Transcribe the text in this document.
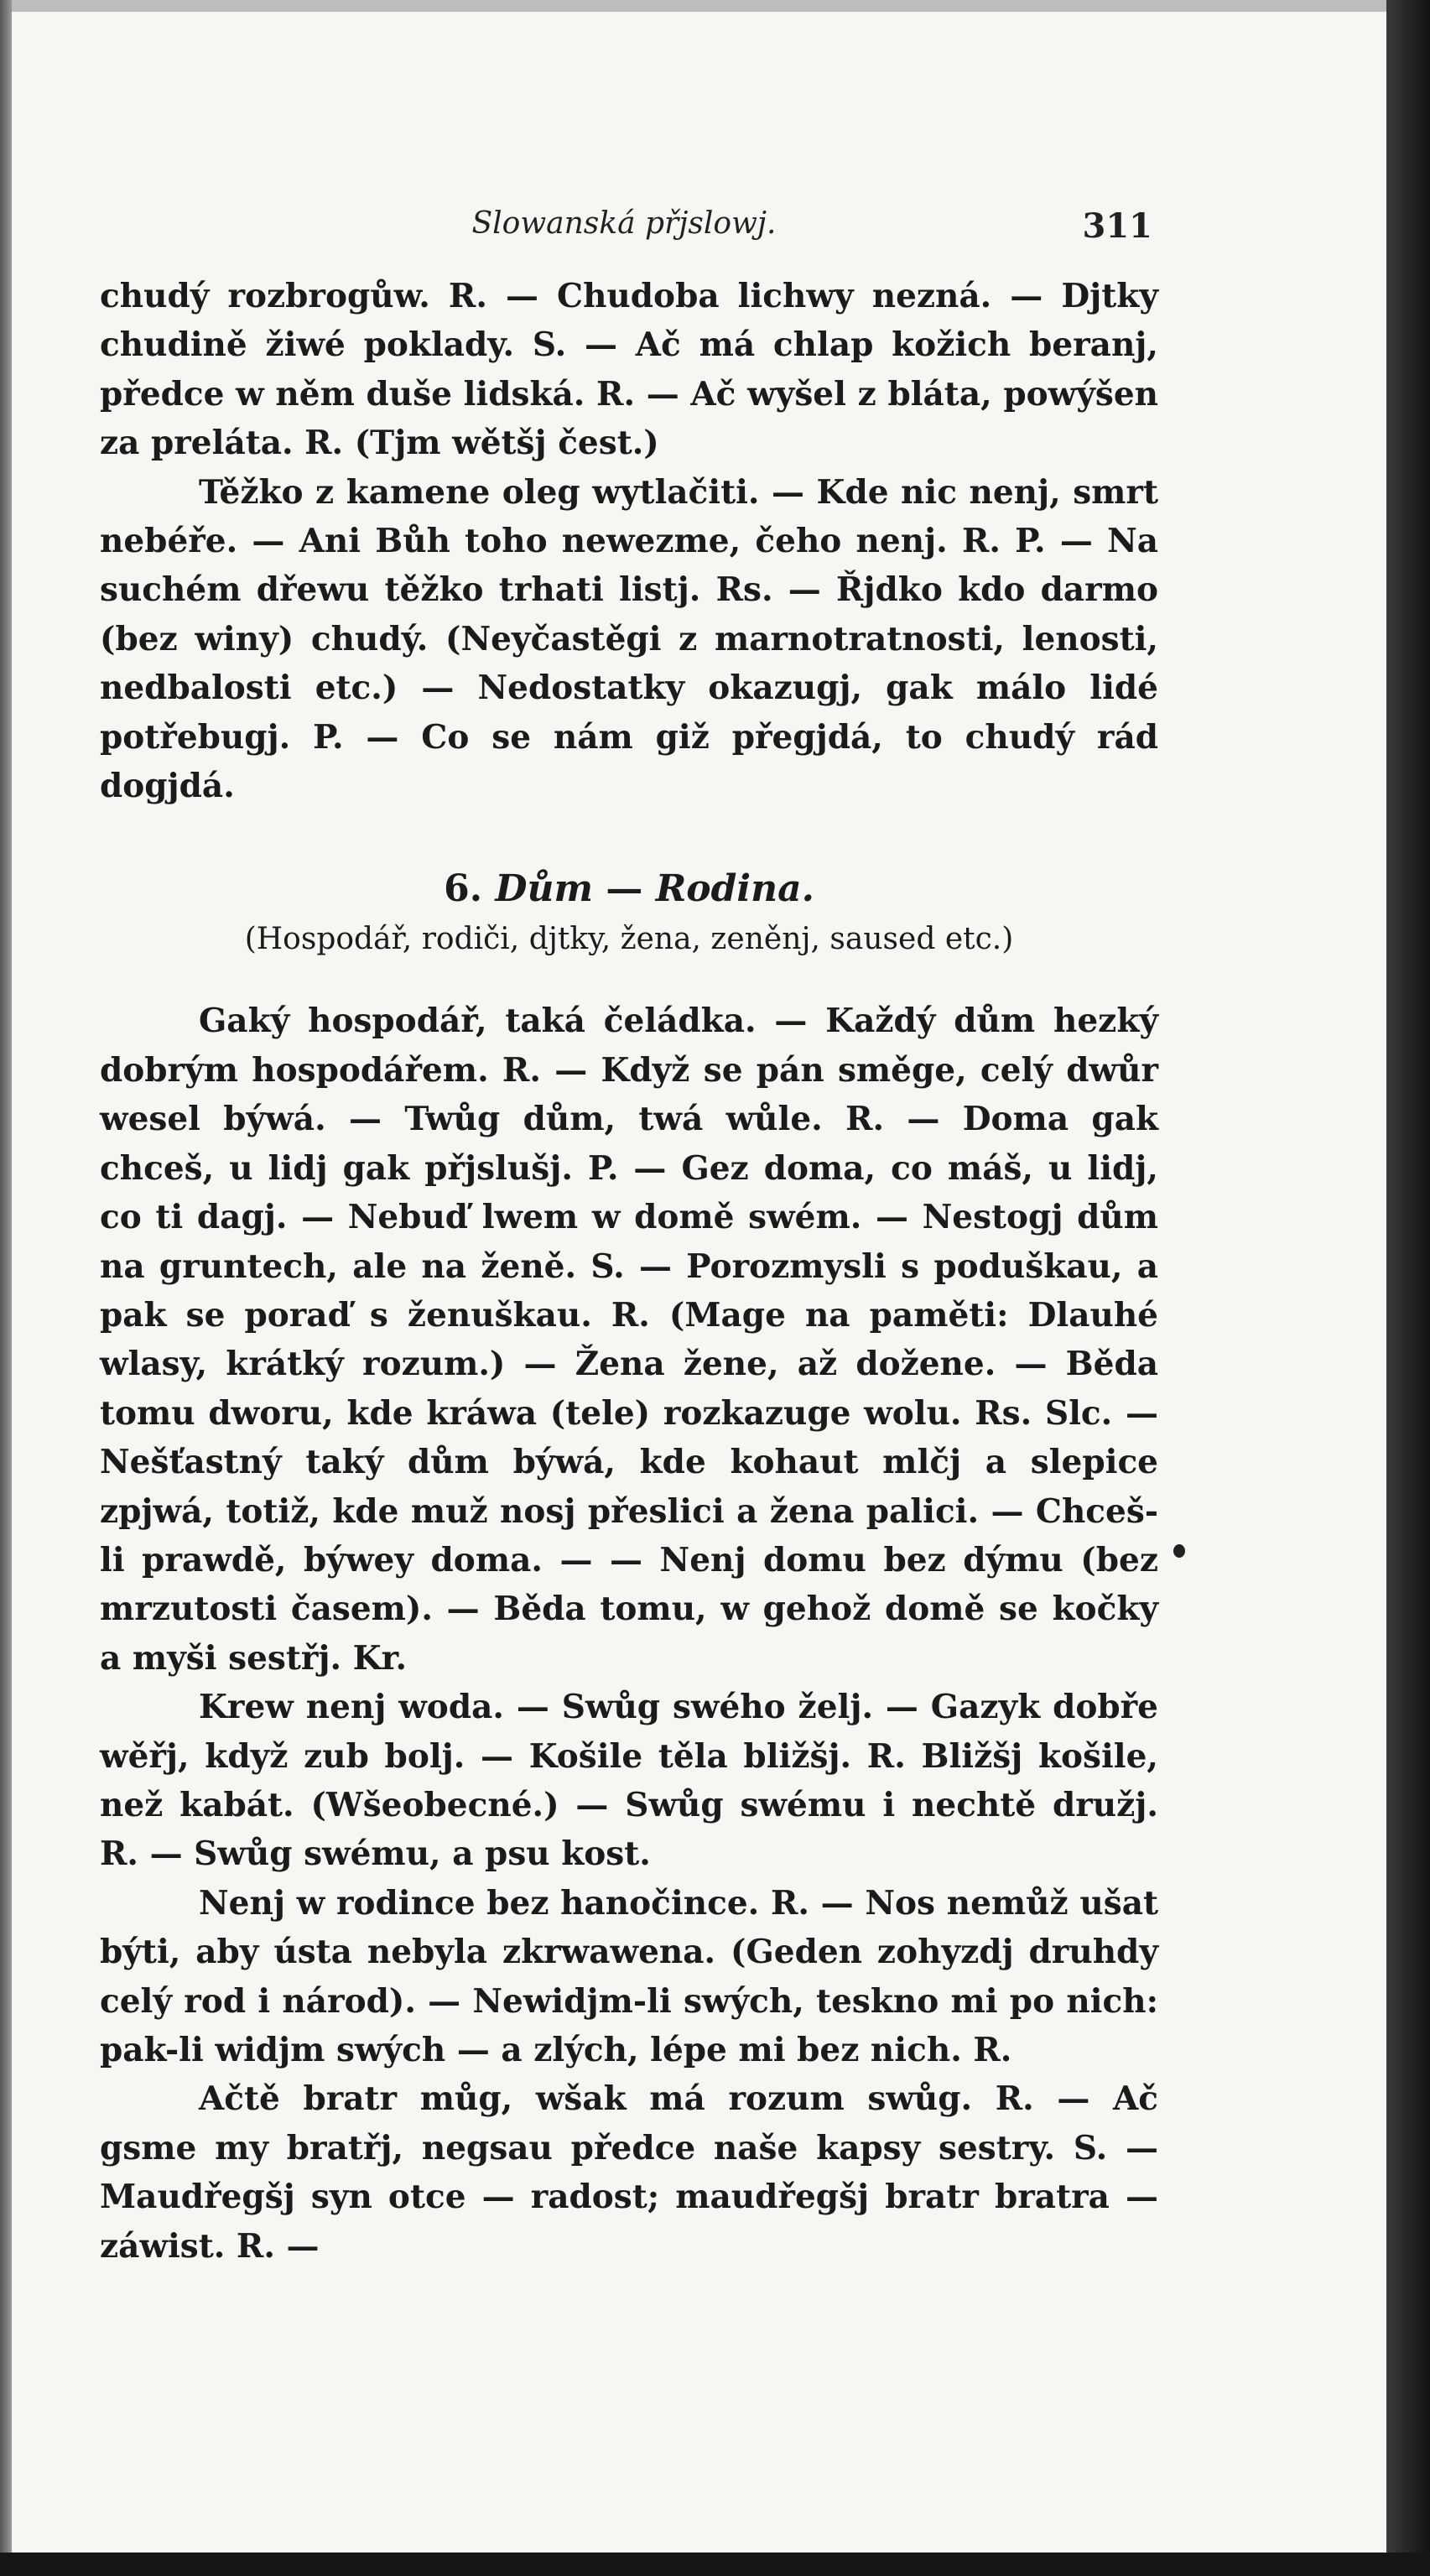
Slowanská přjslowj.	311

chudý rozbrogůw. R. — Chudoba lichwy nezná. — Djtky chudině žiwé poklady. S. — Ač má chlap kožich beranj, předce w něm duše lidská. R. — Ač wyšel z bláta, powýšen za preláta. R. (Tjm wětšj čest.)

Těžko z kamene oleg wytlačiti. — Kde nic nenj, smrt nebéře. — Ani Bůh toho newezme, čeho nenj. R. P. — Na suchém dřewu těžko trhati listj. Rs. — Řjdko kdo darmo (bez winy) chudý. (Neyčastěgi z marnotratnosti, lenosti, nedbalosti etc.) — Nedostatky okazugj, gak málo lidé potřebugj. P. — Co se nám giž přegjdá, to chudý rád dogjdá.

6. Dům — Rodina.
(Hospodář, rodiči, djtky, žena, zeněnj, saused etc.)

Gaký hospodář, taká čeládka. — Každý dům hezký dobrým hospodářem. R. — Když se pán směge, celý dwůr wesel býwá. — Twůg dům, twá wůle. R. — Doma gak chceš, u lidj gak přjslušj. P. — Gez doma, co máš, u lidj, co ti dagj. — Nebuď lwem w domě swém. — Nestogj dům na gruntech, ale na ženě. S. — Porozmysli s poduškau, a pak se poraď s ženuškau. R. (Mage na paměti: Dlauhé wlasy, krátký rozum.) — Žena žene, až dožene. — Běda tomu dworu, kde kráwa (tele) rozkazuge wolu. Rs. Slc. — Nešťastný taký dům býwá, kde kohaut mlčj a slepice zpjwá, totiž, kde muž nosj přeslici a žena palici. — Chceš-li prawdě, býwey doma. — — Nenj domu bez dýmu (bez mrzutosti časem). — Běda tomu, w gehož domě se kočky a myši sestřj. Kr.

Krew nenj woda. — Swůg swého želj. — Gazyk dobře wěřj, když zub bolj. — Košile těla bližšj. R. Bližšj košile, než kabát. (Wšeobecné.) — Swůg swému i nechtě družj. R. — Swůg swému, a psu kost.

Nenj w rodince bez hanočince. R. — Nos nemůž ušat býti, aby ústa nebyla zkrwawena. (Geden zohyzdj druhdy celý rod i národ). — Newidjm-li swých, teskno mi po nich: pak-li widjm swých — a zlých, lépe mi bez nich. R.

Ačtě bratr můg, wšak má rozum swůg. R. — Ač gsme my bratřj, negsau předce naše kapsy sestry. S. — Maudřegšj syn otce — radost; maudřegšj bratr bratra — záwist. R. —
